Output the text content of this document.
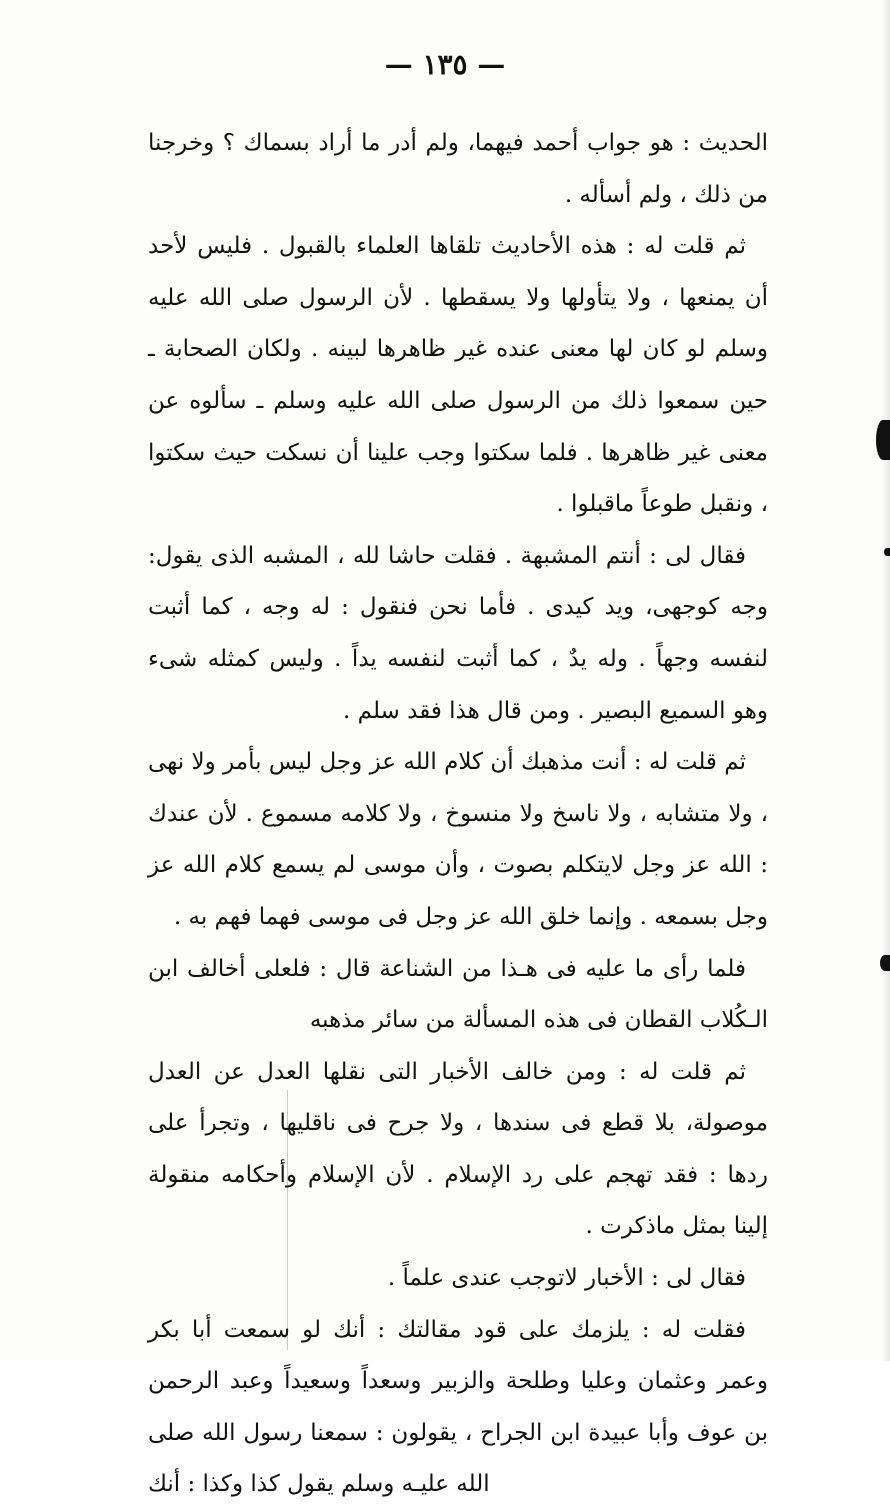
— ١٣٥ —

الحديث : هو جواب أحمد فيهما، ولم أدر ما أراد بسماك ؟ وخرجنا من ذلك ، ولم أسأله .

ثم قلت له : هذه الأحاديث تلقاها العلماء بالقبول . فليس لأحد أن يمنعها ، ولا يتأولها ولا يسقطها . لأن الرسول صلى الله عليه وسلم لو كان لها معنى عنده غير ظاهرها لبينه . ولكان الصحابة ـ حين سمعوا ذلك من الرسول صلى الله عليه وسلم ـ سألوه عن معنى غير ظاهرها . فلما سكتوا وجب علينا أن نسكت حيث سكتوا ، ونقبل طوعاً ماقبلوا .

فقال لى : أنتم المشبهة . فقلت حاشا لله ، المشبه الذى يقول: وجه كوجهى، ويد كيدى . فأما نحن فنقول : له وجه ، كما أثبت لنفسه وجهاً . وله يدٌ ، كما أثبت لنفسه يداً . وليس كمثله شىء وهو السميع البصير . ومن قال هذا فقد سلم .

ثم قلت له : أنت مذهبك أن كلام الله عز وجل ليس بأمر ولا نهى ، ولا متشابه ، ولا ناسخ ولا منسوخ ، ولا كلامه مسموع . لأن عندك : الله عز وجل لايتكلم بصوت ، وأن موسى لم يسمع كلام الله عز وجل بسمعه . وإنما خلق الله عز وجل فى موسى فهما فهم به .

فلما رأى ما عليه فى هـذا من الشناعة قال : فلعلى أخالف ابن الـكُلاب القطان فى هذه المسألة من سائر مذهبه

ثم قلت له : ومن خالف الأخبار التى نقلها العدل عن العدل موصولة، بلا قطع فى سندها ، ولا جرح فى ناقليها ، وتجرأ على ردها : فقد تهجم على رد الإسلام . لأن الإسلام وأحكامه منقولة إلينا بمثل ماذكرت .

فقال لى : الأخبار لاتوجب عندى علماً .

فقلت له : يلزمك على قود مقالتك : أنك لو سمعت أبا بكر وعمر وعثمان وعليا وطلحة والزبير وسعداً وسعيداً وعبد الرحمن بن عوف وأبا عبيدة ابن الجراح ، يقولون : سمعنا رسول الله صلى الله عليـه وسلم يقول كذا وكذا : أنك
